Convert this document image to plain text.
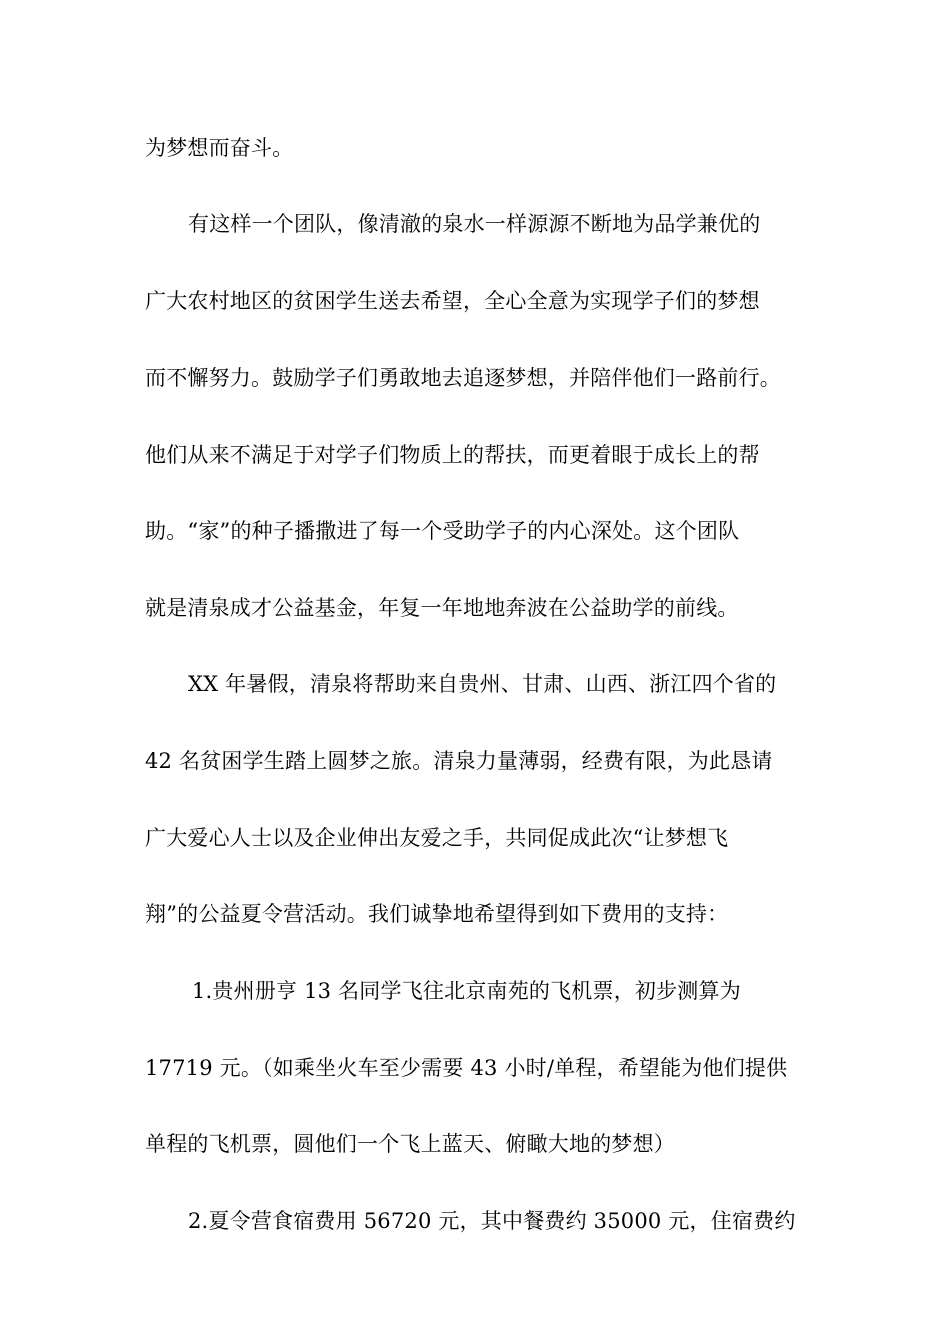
为梦想而奋斗。
有这样一个团队，像清澈的泉水一样源源不断地为品学兼优的
广大农村地区的贫困学生送去希望，全心全意为实现学子们的梦想
而不懈努力。鼓励学子们勇敢地去追逐梦想，并陪伴他们一路前行。
他们从来不满足于对学子们物质上的帮扶，而更着眼于成长上的帮
助。“家”的种子播撒进了每一个受助学子的内心深处。这个团队
就是清泉成才公益基金，年复一年地地奔波在公益助学的前线。
XX 年暑假，清泉将帮助来自贵州、甘肃、山西、浙江四个省的
42 名贫困学生踏上圆梦之旅。清泉力量薄弱，经费有限，为此恳请
广大爱心人士以及企业伸出友爱之手，共同促成此次“让梦想飞
翔”的公益夏令营活动。我们诚挚地希望得到如下费用的支持：
1.贵州册亨 13 名同学飞往北京南苑的飞机票，初步测算为
17719 元。（如乘坐火车至少需要 43 小时/单程，希望能为他们提供
单程的飞机票，圆他们一个飞上蓝天、俯瞰大地的梦想）
2.夏令营食宿费用 56720 元，其中餐费约 35000 元，住宿费约
